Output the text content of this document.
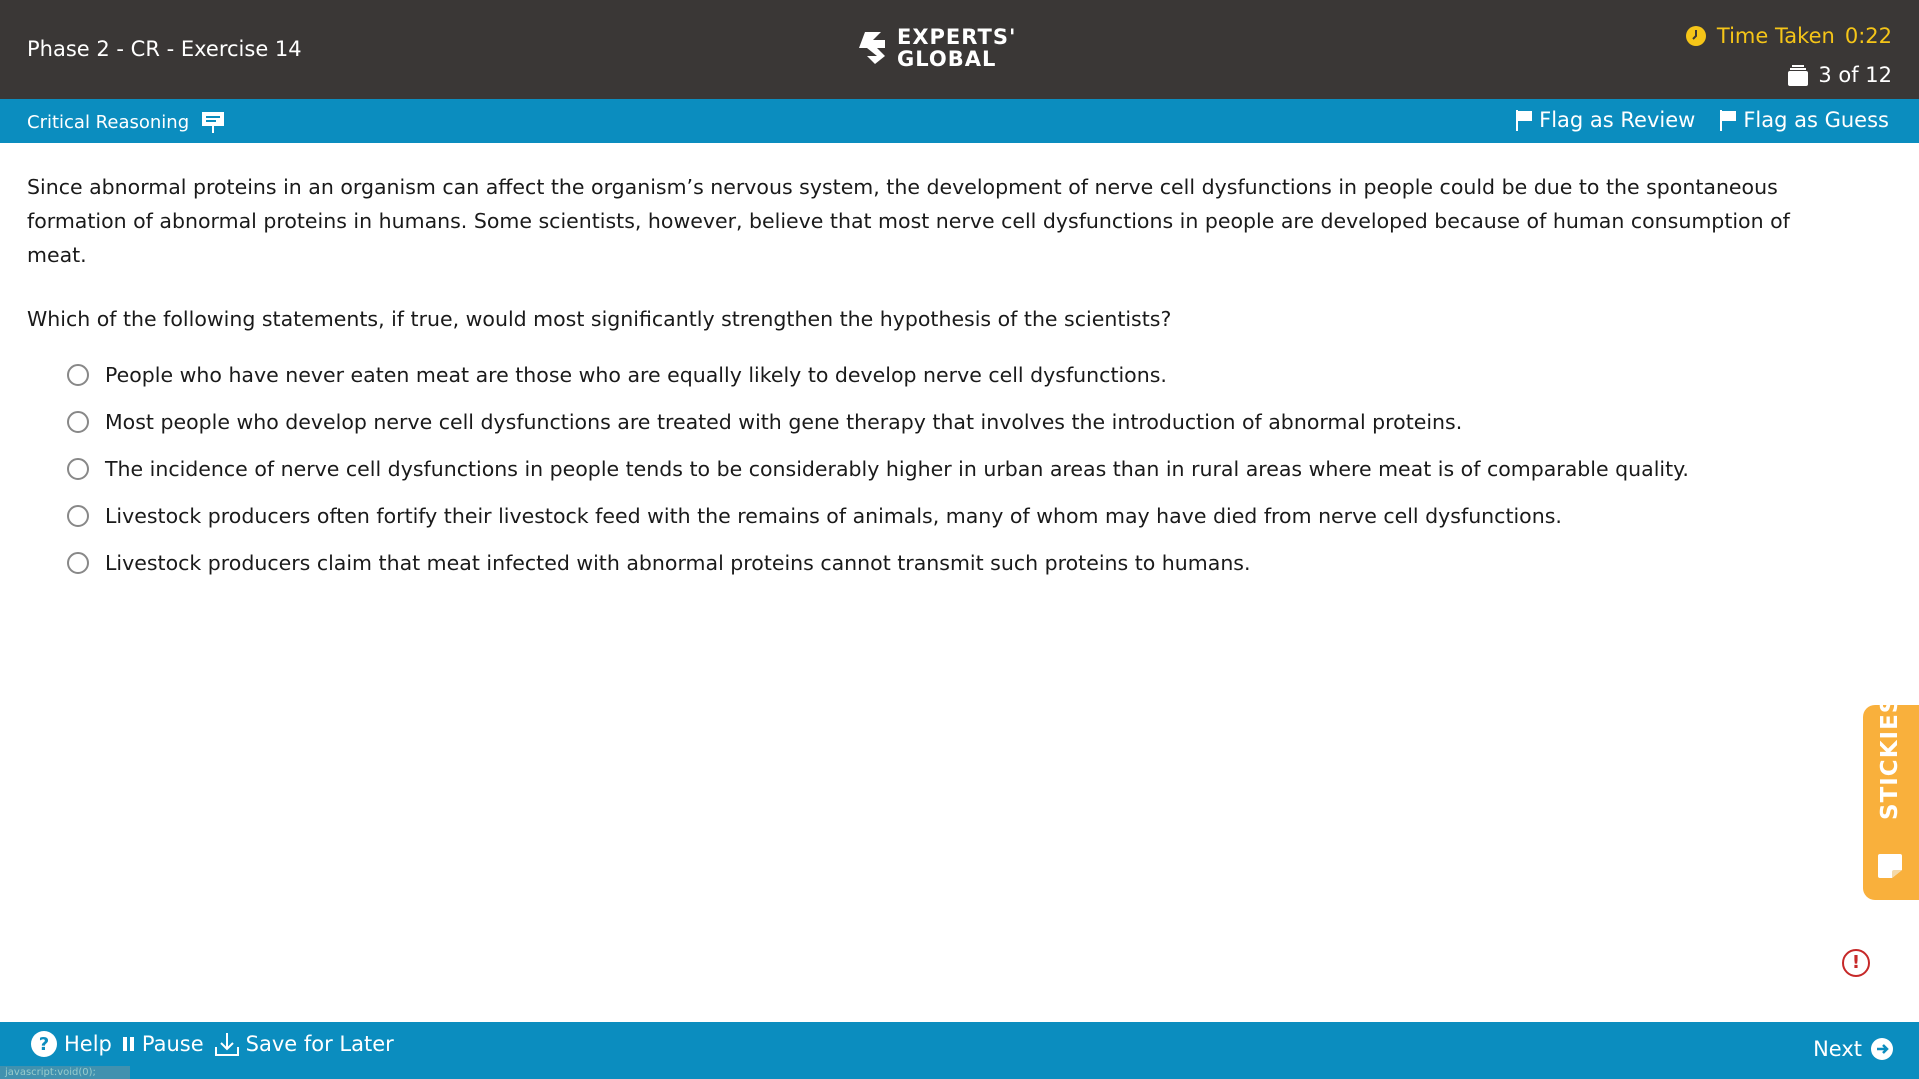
Phase 2 - CR - Exercise 14	EXPERTS'
GLOBAL
Time Taken 0:22
3 of 12
Critical Reasoning	Flag as Review Flag as Guess

Since abnormal proteins in an organism can affect the organism’s nervous system, the development of nerve cell dysfunctions in people could be due to the spontaneous formation of abnormal proteins in humans. Some scientists, however, believe that most nerve cell dysfunctions in people are developed because of human consumption of meat.

Which of the following statements, if true, would most significantly strengthen the hypothesis of the scientists?

People who have never eaten meat are those who are equally likely to develop nerve cell dysfunctions.
Most people who develop nerve cell dysfunctions are treated with gene therapy that involves the introduction of abnormal proteins.
The incidence of nerve cell dysfunctions in people tends to be considerably higher in urban areas than in rural areas where meat is of comparable quality.
Livestock producers often fortify their livestock feed with the remains of animals, many of whom may have died from nerve cell dysfunctions.
Livestock producers claim that meat infected with abnormal proteins cannot transmit such proteins to humans.
STICKIES
!
? Help Pause Save for Later	Next
javascript:void(0);
